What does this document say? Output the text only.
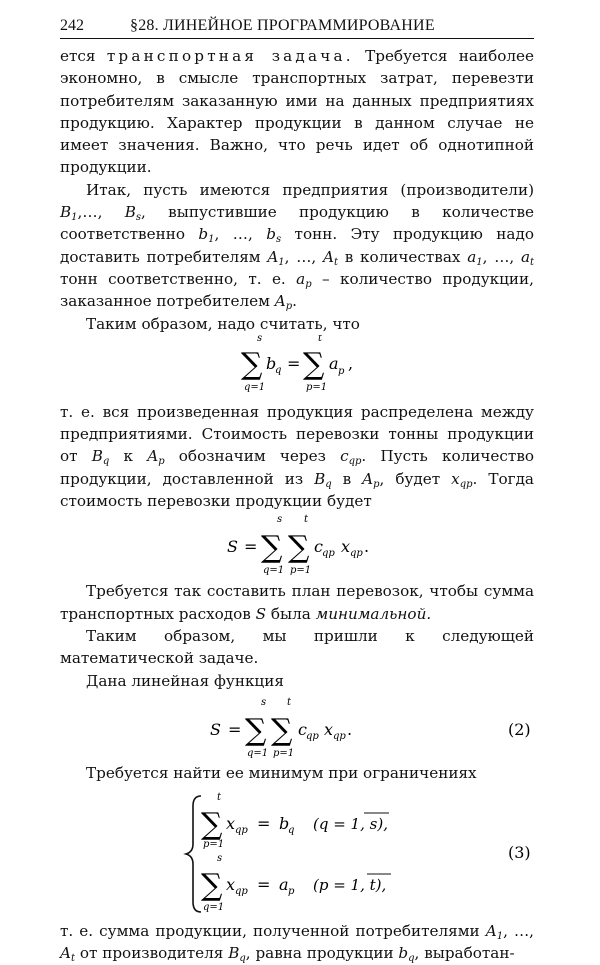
242	§28. ЛИНЕЙНОЕ ПРОГРАММИРОВАНИЕ

ется транспортная задача. Требуется наиболее экономно, в смысле транспортных затрат, перевезти потребителям заказанную ими на данных предприятиях продукцию. Характер продукции в данном случае не имеет значения. Важно, что речь идет об однотипной продукции.

Итак, пусть имеются предприятия (производители) $B_1,\dots$, $B_s$, выпустившие продукцию в количестве соответственно $b_1$, …, $b_s$ тонн. Эту продукцию надо доставить потребителям $A_1$, …, $A_t$ в количествах $a_1$, …, $a_t$ тонн соответственно, т. е. $a_p$ – количество продукции, заказанное потребителем $A_p$.

Таким образом, надо считать, что

s
∑
q=1
b
q =
t
∑
p=1
a p ,

т. е. вся произведенная продукция распределена между предприятиями. Стоимость перевозки тонны продукции от $B_q$ к $A_p$ обозначим через $c_{qp}$. Пусть количество продукции, доставленной из $B_q$ в $A_p$, будет $x_{qp}$. Тогда стоимость перевозки продукции будет

S =
s
∑
q=1
t
∑
p=1
c qp x qp .

Требуется так составить план перевозок, чтобы сумма транспортных расходов S была минимальной.

Таким образом, мы пришли к следующей математической задаче.

Дана линейная функция

S =
s
∑
q=1
t
∑
p=1
c qp x qp .	(2)

Требуется найти ее минимум при ограничениях

t
∑
p=1
x qp = b
q (q = 1, s),
s
∑
q=1
x qp = a p (p = 1, t),
(3)

т. е. сумма продукции, полученной потребителями $A_1$, …, $A_t$ от производителя $B_q$, равна продукции $b_q$, выработан-
